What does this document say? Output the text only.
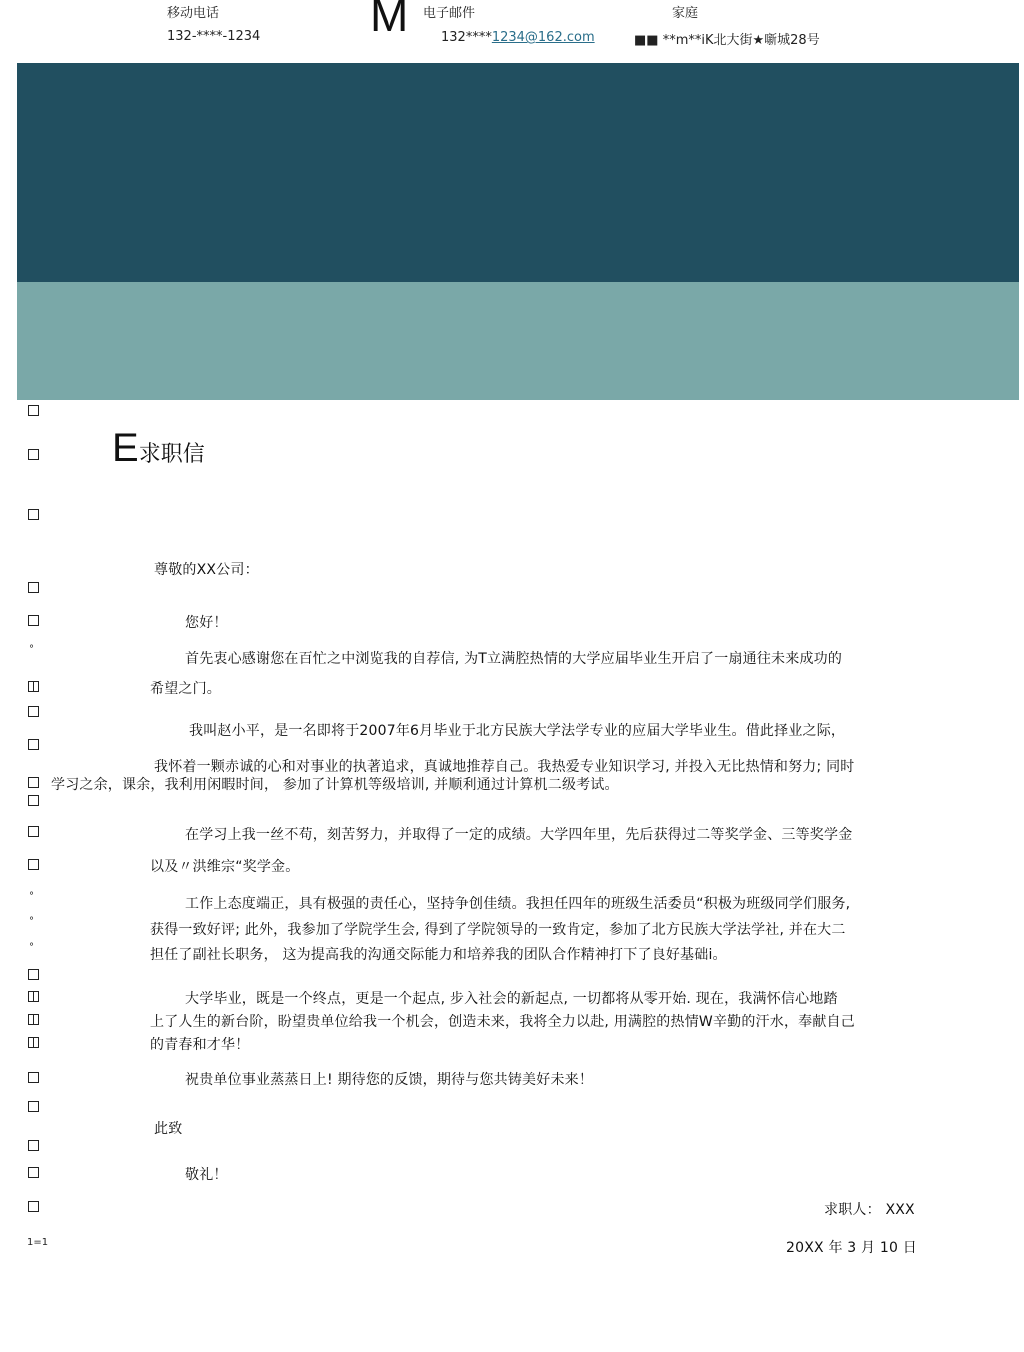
移动电话
132-****-1234 M 电子邮件
132****1234@162.com
家庭
■■ **m**iK北大街★噺城28号
°
°
°
°
E求职信
尊敬的XX公司：
您好！
首先衷心感谢您在百忙之中浏览我的自荐信, 为T立满腔热情的大学应届毕业生开启了一扇通往未来成功的
希望之门。
我叫赵小平，是一名即将于2007年6月毕业于北方民族大学法学专业的应届大学毕业生。借此择业之际，
我怀着一颗赤诚的心和对事业的执著追求，真诚地推荐自己。我热爱专业知识学习, 并投入无比热情和努力; 同时
学习之余，课余，我利用闲暇时间， 参加了计算机等级培训, 并顺利通过计算机二级考试。
在学习上我一丝不苟，刻苦努力，并取得了一定的成绩。大学四年里，先后获得过二等奖学金、三等奖学金
以及〃洪维宗“奖学金。
工作上态度端正，具有极强的责任心，坚持争创佳绩。我担任四年的班级生活委员“积极为班级同学们服务,
获得一致好评; 此外，我参加了学院学生会, 得到了学院领导的一致肯定，参加了北方民族大学法学社, 并在大二
担任了副社长职务， 这为提高我的沟通交际能力和培养我的团队合作精神打下了良好基础i。
大学毕业，既是一个终点，更是一个起点, 步入社会的新起点, 一切都将从零开始. 现在，我满怀信心地踏
上了人生的新台阶，盼望贵单位给我一个机会，创造未来，我将全力以赴, 用满腔的热情W辛勤的汗水，奉献自己
的青春和才华！
祝贵单位事业蒸蒸日上! 期待您的反馈，期待与您共铸美好未来！
此致
敬礼！
求职人： XXX
1=1	20XX 年 3 月 10 日
